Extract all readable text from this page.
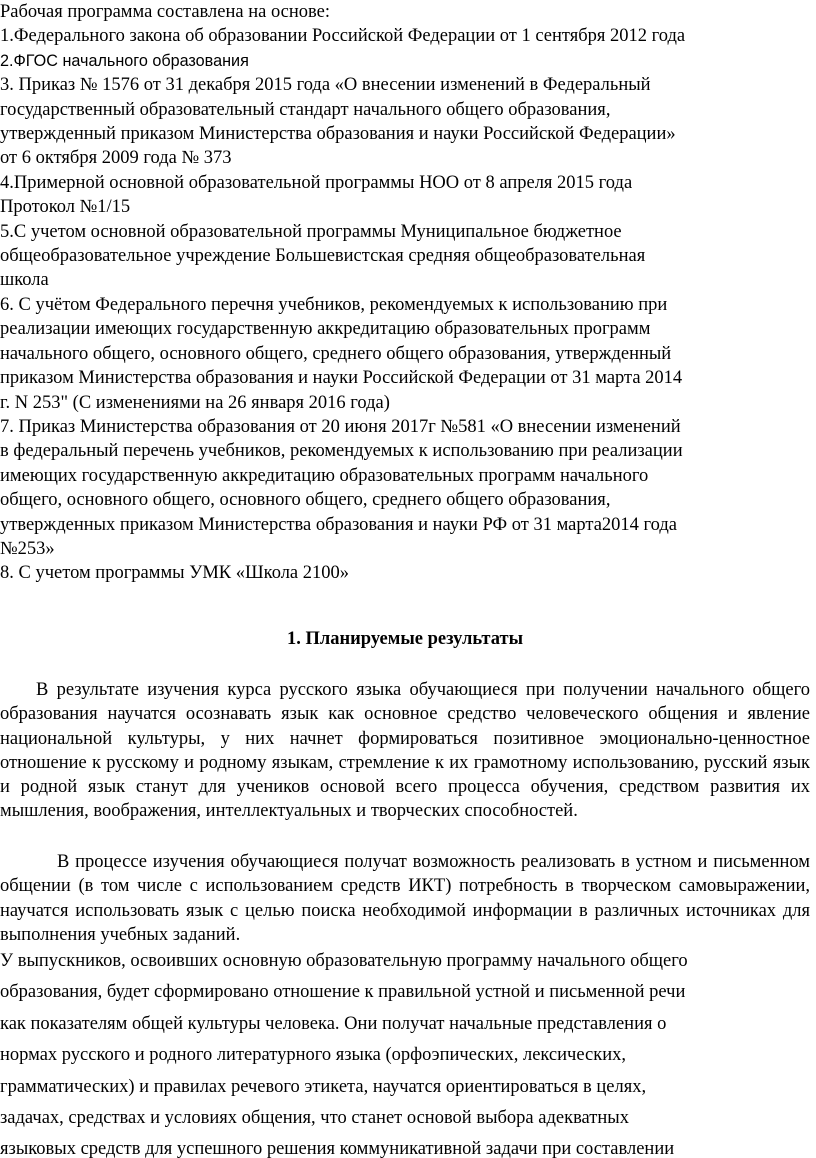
Рабочая программа составлена на основе:
1.Федерального закона об образовании Российской Федерации от 1 сентября 2012 года
2.ФГОС начального образования
3. Приказ № 1576 от 31 декабря 2015 года «О внесении изменений в Федеральный
государственный образовательный стандарт начального общего образования,
утвержденный приказом Министерства образования и науки Российской Федерации»
от 6 октября 2009 года № 373
4.Примерной основной образовательной программы НОО от 8 апреля 2015 года
Протокол №1/15
5.С учетом основной образовательной программы Муниципальное бюджетное
общеобразовательное учреждение Большевистская средняя общеобразовательная
школа
6. С учётом Федерального перечня учебников, рекомендуемых к использованию при
реализации имеющих государственную аккредитацию образовательных программ
начального общего, основного общего, среднего общего образования, утвержденный
приказом Министерства образования и науки Российской Федерации от 31 марта 2014
г. N 253" (С изменениями на 26 января 2016 года)
7. Приказ Министерства образования от 20 июня 2017г №581 «О внесении изменений
в федеральный перечень учебников, рекомендуемых к использованию при реализации
имеющих государственную аккредитацию образовательных программ начального
общего, основного общего, основного общего, среднего общего образования,
утвержденных приказом Министерства образования и науки РФ от 31 марта2014 года
№253»
8. С учетом программы УМК «Школа 2100»

1. Планируемые результаты

В результате изучения курса русского языка обучающиеся при получении начального общего образования научатся осознавать язык как основное средство человеческого общения и явление национальной культуры, у них начнет формироваться позитивное эмоционально-ценностное отношение к русскому и родному языкам, стремление к их грамотному использованию, русский язык и родной язык станут для учеников основой всего процесса обучения, средством развития их мышления, воображения, интеллектуальных и творческих способностей.

В процессе изучения обучающиеся получат возможность реализовать в устном и письменном общении (в том числе с использованием средств ИКТ) потребность в творческом самовыражении, научатся использовать язык с целью поиска необходимой информации в различных источниках для выполнения учебных заданий.

У выпускников, освоивших основную образовательную программу начального общего
образования, будет сформировано отношение к правильной устной и письменной речи
как показателям общей культуры человека. Они получат начальные представления о
нормах русского и родного литературного языка (орфоэпических, лексических,
грамматических) и правилах речевого этикета, научатся ориентироваться в целях,
задачах, средствах и условиях общения, что станет основой выбора адекватных
языковых средств для успешного решения коммуникативной задачи при составлении
